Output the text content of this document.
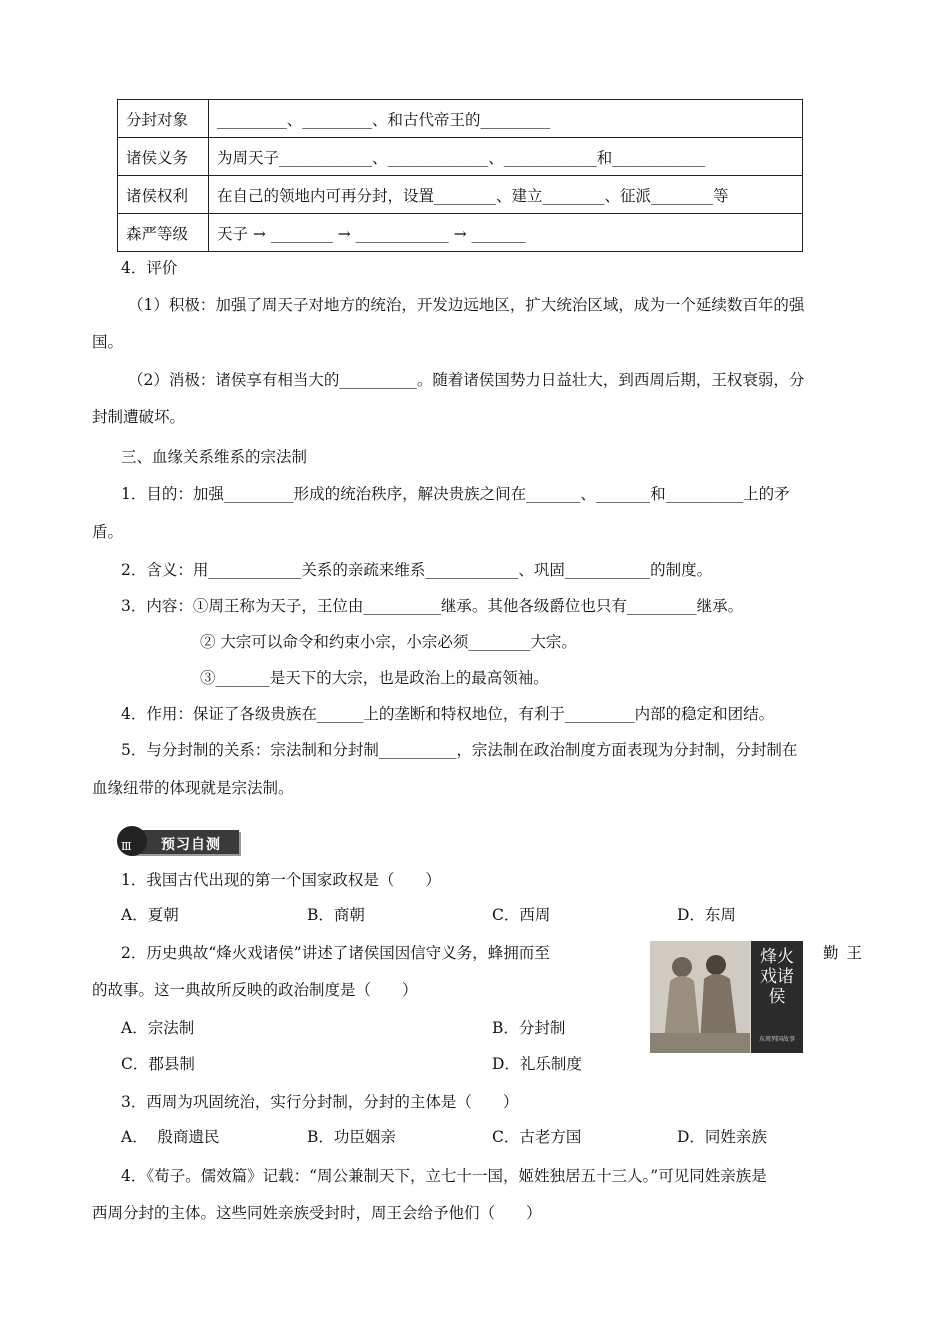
分封对象	_________、_________、和古代帝王的_________
诸侯义务	为周天子____________、_____________、____________和____________
诸侯权利	在自己的领地内可再分封，设置________、建立________、征派________等
森严等级	天子 → ________ → ____________ → _______
4．评价
（1）积极：加强了周天子对地方的统治，开发边远地区，扩大统治区域，成为一个延续数百年的强
国。
（2）消极：诸侯享有相当大的__________。随着诸侯国势力日益壮大，到西周后期，王权衰弱，分
封制遭破坏。
三、血缘关系维系的宗法制
1．目的：加强_________形成的统治秩序，解决贵族之间在_______、_______和__________上的矛
盾。
2．含义：用____________关系的亲疏来维系____________、巩固___________的制度。
3．内容：①周王称为天子，王位由__________继承。其他各级爵位也只有_________继承。
② 大宗可以命令和约束小宗，小宗必须________大宗。
③_______是天下的大宗，也是政治上的最高领袖。
4．作用：保证了各级贵族在______上的垄断和特权地位，有利于_________内部的稳定和团结。
5．与分封制的关系：宗法制和分封制__________，宗法制在政治制度方面表现为分封制，分封制在
血缘纽带的体现就是宗法制。
Ⅲ 预习自测
1．我国古代出现的第一个国家政权是（　　）
A．夏朝	B．商朝	C．西周	D．东周
2．历史典故“烽火戏诸侯”讲述了诸侯国因信守义务，蜂拥而至	勤王
的故事。这一典故所反映的政治制度是（　　）
A．宗法制	B．分封制
C．郡县制	D．礼乐制度
烽火戏诸侯
东周列国故事
3．西周为巩固统治，实行分封制，分封的主体是（　　）
A．  殷商遗民	B．功臣姻亲	C．古老方国	D．同姓亲族
4．《荀子。儒效篇》记载：“周公兼制天下，立七十一国，姬姓独居五十三人。”可见同姓亲族是
西周分封的主体。这些同姓亲族受封时，周王会给予他们（　　）
